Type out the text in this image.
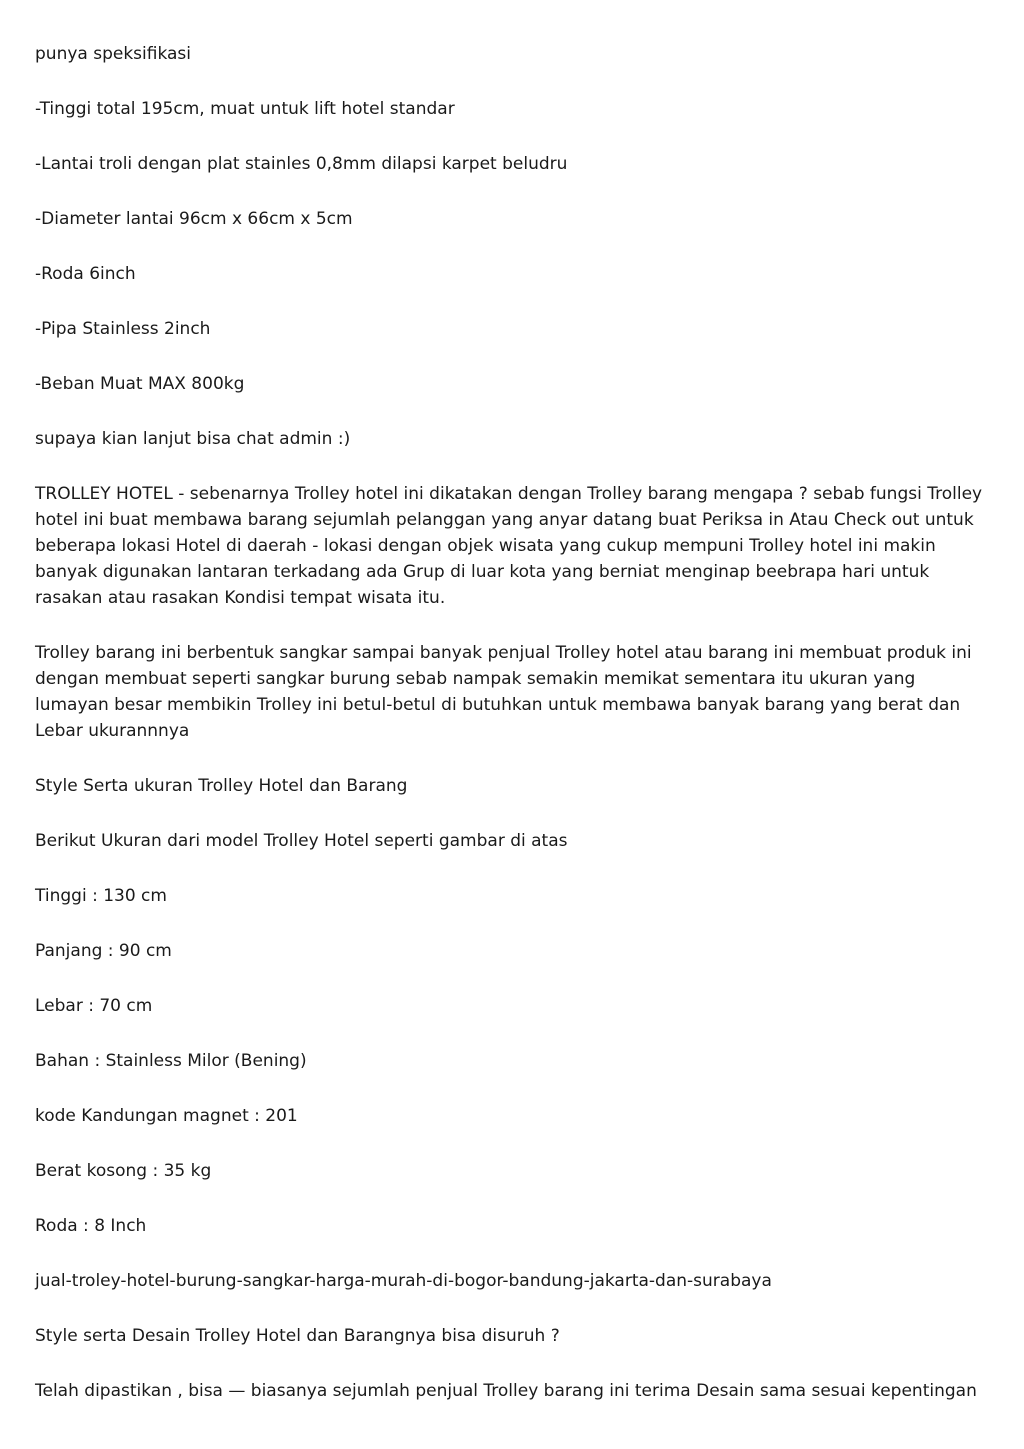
punya speksifikasi

-Tinggi total 195cm, muat untuk lift hotel standar

-Lantai troli dengan plat stainles 0,8mm dilapsi karpet beludru

-Diameter lantai 96cm x 66cm x 5cm

-Roda 6inch

-Pipa Stainless 2inch

-Beban Muat MAX 800kg

supaya kian lanjut bisa chat admin :)

TROLLEY HOTEL - sebenarnya Trolley hotel ini dikatakan dengan Trolley barang mengapa ? sebab fungsi Trolley hotel ini buat membawa barang sejumlah pelanggan yang anyar datang buat Periksa in Atau Check out untuk beberapa lokasi Hotel di daerah - lokasi dengan objek wisata yang cukup mempuni Trolley hotel ini makin banyak digunakan lantaran terkadang ada Grup di luar kota yang berniat menginap beebrapa hari untuk rasakan atau rasakan Kondisi tempat wisata itu.

Trolley barang ini berbentuk sangkar sampai banyak penjual Trolley hotel atau barang ini membuat produk ini dengan membuat seperti sangkar burung sebab nampak semakin memikat sementara itu ukuran yang lumayan besar membikin Trolley ini betul-betul di butuhkan untuk membawa banyak barang yang berat dan Lebar ukurannnya

Style Serta ukuran Trolley Hotel dan Barang

Berikut Ukuran dari model Trolley Hotel seperti gambar di atas

Tinggi : 130 cm

Panjang : 90 cm

Lebar : 70 cm

Bahan : Stainless Milor (Bening)

kode Kandungan magnet : 201

Berat kosong : 35 kg

Roda : 8 Inch

jual-troley-hotel-burung-sangkar-harga-murah-di-bogor-bandung-jakarta-dan-surabaya

Style serta Desain Trolley Hotel dan Barangnya bisa disuruh ?

Telah dipastikan , bisa — biasanya sejumlah penjual Trolley barang ini terima Desain sama sesuai kepentingan
